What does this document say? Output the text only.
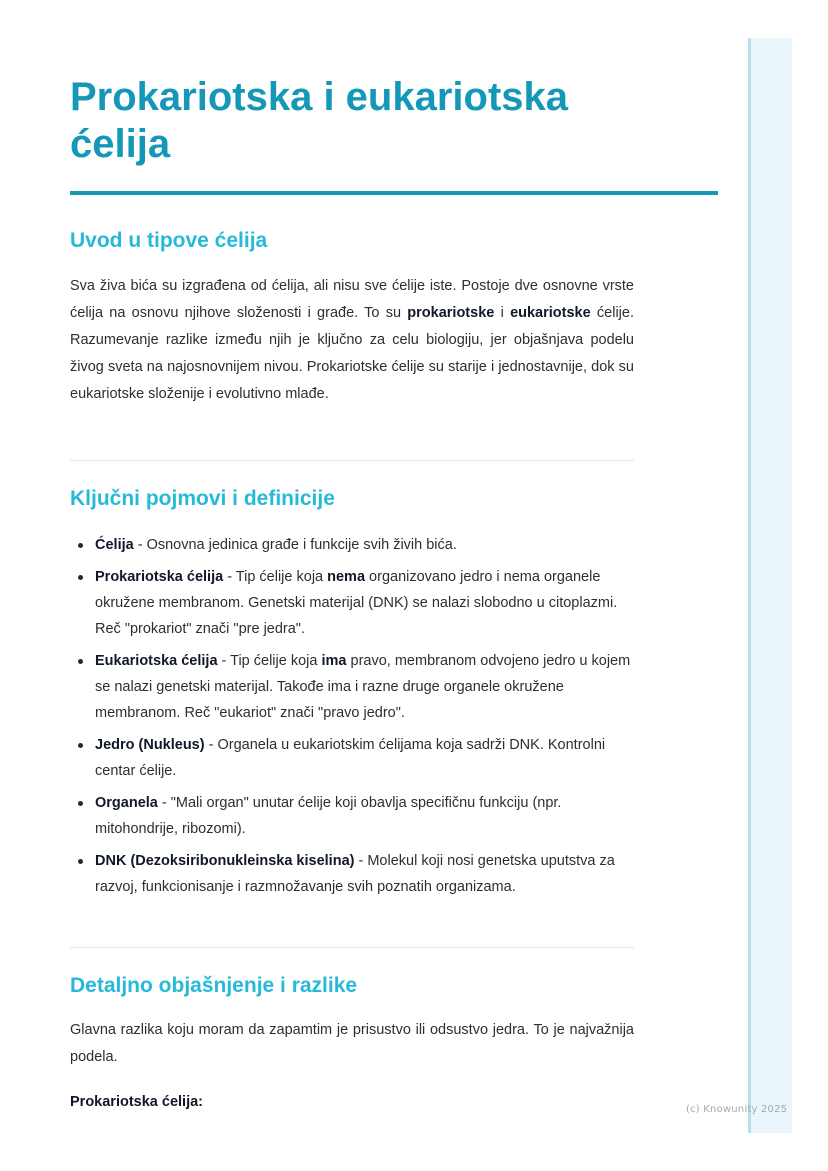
Prokariotska i eukariotska ćelija
Uvod u tipove ćelija

Sva živa bića su izgrađena od ćelija, ali nisu sve ćelije iste. Postoje dve osnovne vrste ćelija na osnovu njihove složenosti i građe. To su prokariotske i eukariotske ćelije. Razumevanje razlike između njih je ključno za celu biologiju, jer objašnjava podelu živog sveta na najosnovnijem nivou. Prokariotske ćelije su starije i jednostavnije, dok su eukariotske složenije i evolutivno mlađe.

Ključni pojmovi i definicije
Ćelija - Osnovna jedinica građe i funkcije svih živih bića.
Prokariotska ćelija - Tip ćelije koja nema organizovano jedro i nema organele okružene membranom. Genetski materijal (DNK) se nalazi slobodno u citoplazmi. Reč "prokariot" znači "pre jedra".
Eukariotska ćelija - Tip ćelije koja ima pravo, membranom odvojeno jedro u kojem se nalazi genetski materijal. Takođe ima i razne druge organele okružene membranom. Reč "eukariot" znači "pravo jedro".
Jedro (Nukleus) - Organela u eukariotskim ćelijama koja sadrži DNK. Kontrolni centar ćelije.
Organela - "Mali organ" unutar ćelije koji obavlja specifičnu funkciju (npr. mitohondrije, ribozomi).
DNK (Dezoksiribonukleinska kiselina) - Molekul koji nosi genetska uputstva za razvoj, funkcionisanje i razmnožavanje svih poznatih organizama.
Detaljno objašnjenje i razlike

Glavna razlika koju moram da zapamtim je prisustvo ili odsustvo jedra. To je najvažnija podela.

Prokariotska ćelija:	(c) Knowunity 2025
